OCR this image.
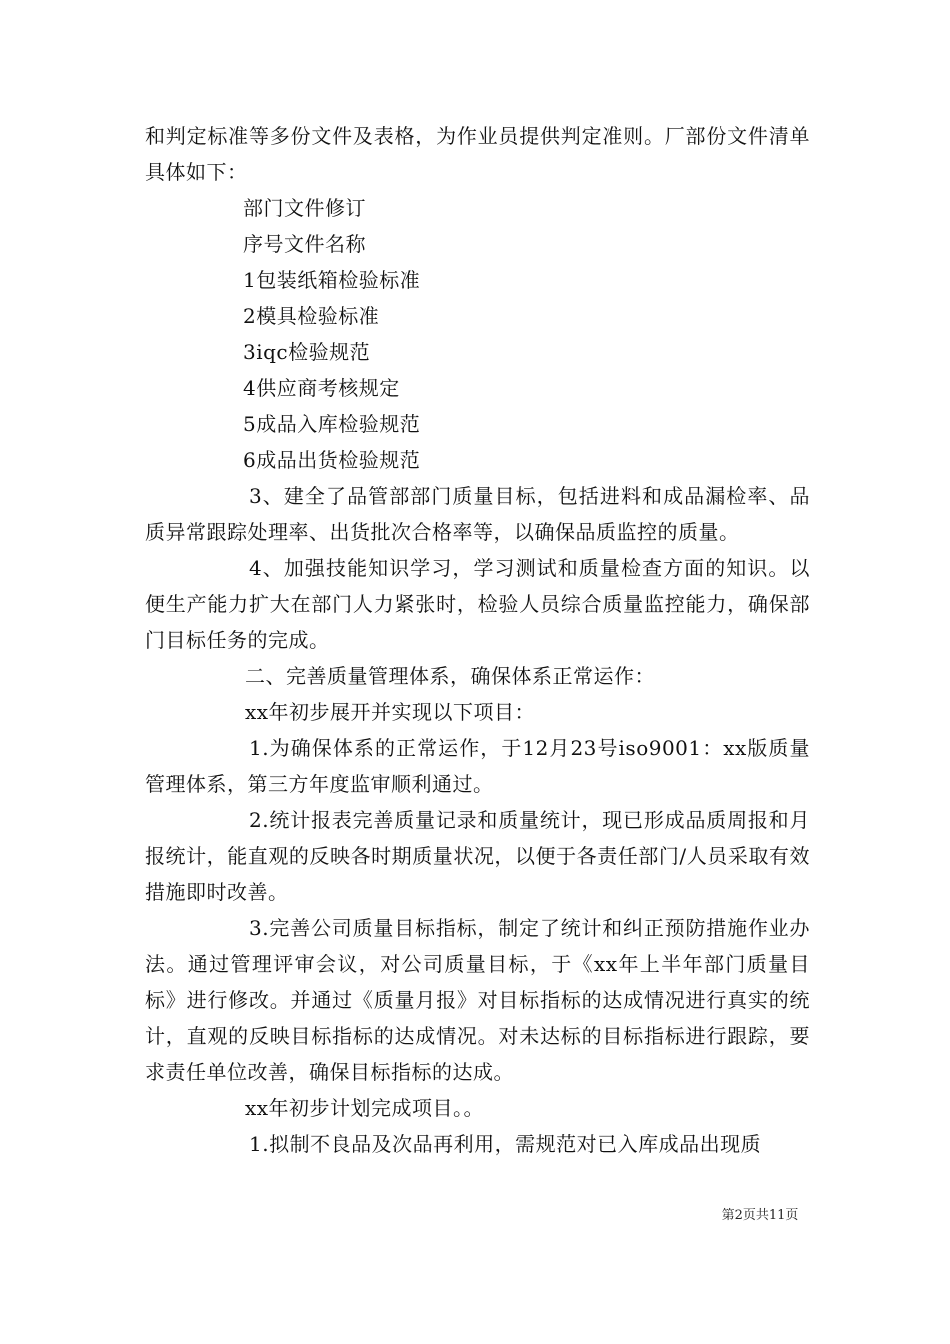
和判定标准等多份文件及表格，为作业员提供判定准则。厂部份文件清单具体如下：

部门文件修订

序号文件名称

1包装纸箱检验标准

2模具检验标准

3iqc检验规范

4供应商考核规定

5成品入库检验规范

6成品出货检验规范

3、建全了品管部部门质量目标，包括进料和成品漏检率、品质异常跟踪处理率、出货批次合格率等，以确保品质监控的质量。

4、加强技能知识学习，学习测试和质量检查方面的知识。以便生产能力扩大在部门人力紧张时，检验人员综合质量监控能力，确保部门目标任务的完成。

二、完善质量管理体系，确保体系正常运作：

xx年初步展开并实现以下项目：

1.为确保体系的正常运作，于12月23号iso9001：xx版质量管理体系，第三方年度监审顺利通过。

2.统计报表完善质量记录和质量统计，现已形成品质周报和月报统计，能直观的反映各时期质量状况，以便于各责任部门/人员采取有效措施即时改善。

3.完善公司质量目标指标，制定了统计和纠正预防措施作业办法。通过管理评审会议，对公司质量目标，于《xx年上半年部门质量目标》进行修改。并通过《质量月报》对目标指标的达成情况进行真实的统计，直观的反映目标指标的达成情况。对未达标的目标指标进行跟踪，要求责任单位改善，确保目标指标的达成。

xx年初步计划完成项目。。

1.拟制不良品及次品再利用，需规范对已入库成品出现质

第2页共11页
